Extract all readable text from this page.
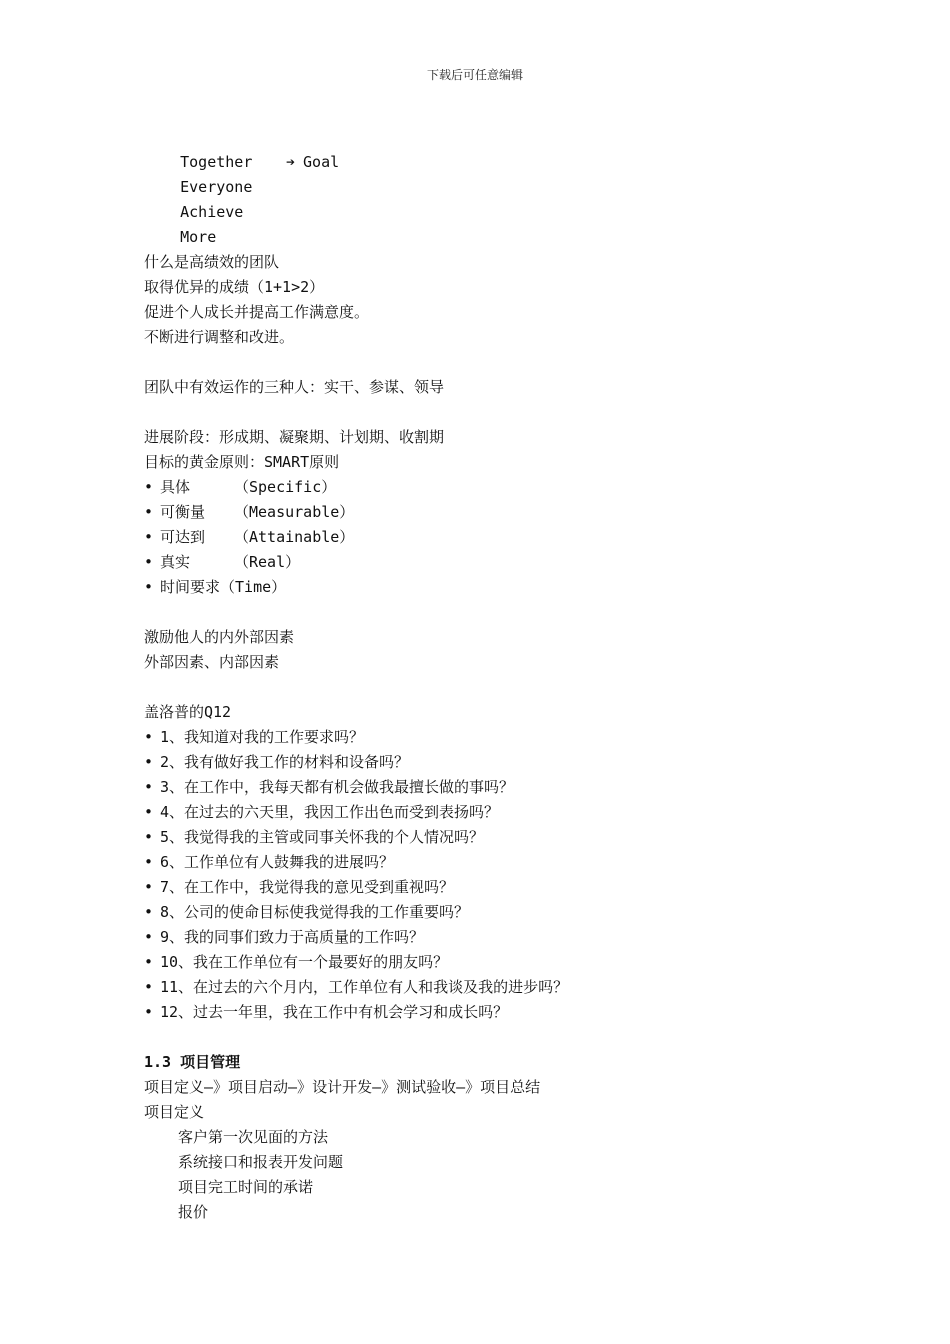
下载后可任意编辑

Together

Everyone

➔ Goal

Achieve

More

什么是高绩效的团队
取得优异的成绩（1+1>2）
促进个人成长并提高工作满意度。
不断进行调整和改进。
团队中有效运作的三种人：实干、参谋、领导
进展阶段：形成期、凝聚期、计划期、收割期
目标的黄金原则：SMART原则
• 具体	（Specific）
• 可衡量 （Measurable）
• 可达到 （Attainable）
• 真实	（Real）
• 时间要求（Time）
激励他人的内外部因素
外部因素、内部因素
盖洛普的Q12
• 1、我知道对我的工作要求吗？
• 2、我有做好我工作的材料和设备吗？
• 3、在工作中，我每天都有机会做我最擅长做的事吗？
• 4、在过去的六天里，我因工作出色而受到表扬吗？
• 5、我觉得我的主管或同事关怀我的个人情况吗？
• 6、工作单位有人鼓舞我的进展吗？
• 7、在工作中，我觉得我的意见受到重视吗？
• 8、公司的使命目标使我觉得我的工作重要吗？
• 9、我的同事们致力于高质量的工作吗？
• 10、我在工作单位有一个最要好的朋友吗？
• 11、在过去的六个月内，工作单位有人和我谈及我的进步吗？
• 12、过去一年里，我在工作中有机会学习和成长吗？
1.3 项目管理
项目定义—》项目启动—》设计开发—》测试验收—》项目总结
项目定义
客户第一次见面的方法
系统接口和报表开发问题
项目完工时间的承诺
报价
